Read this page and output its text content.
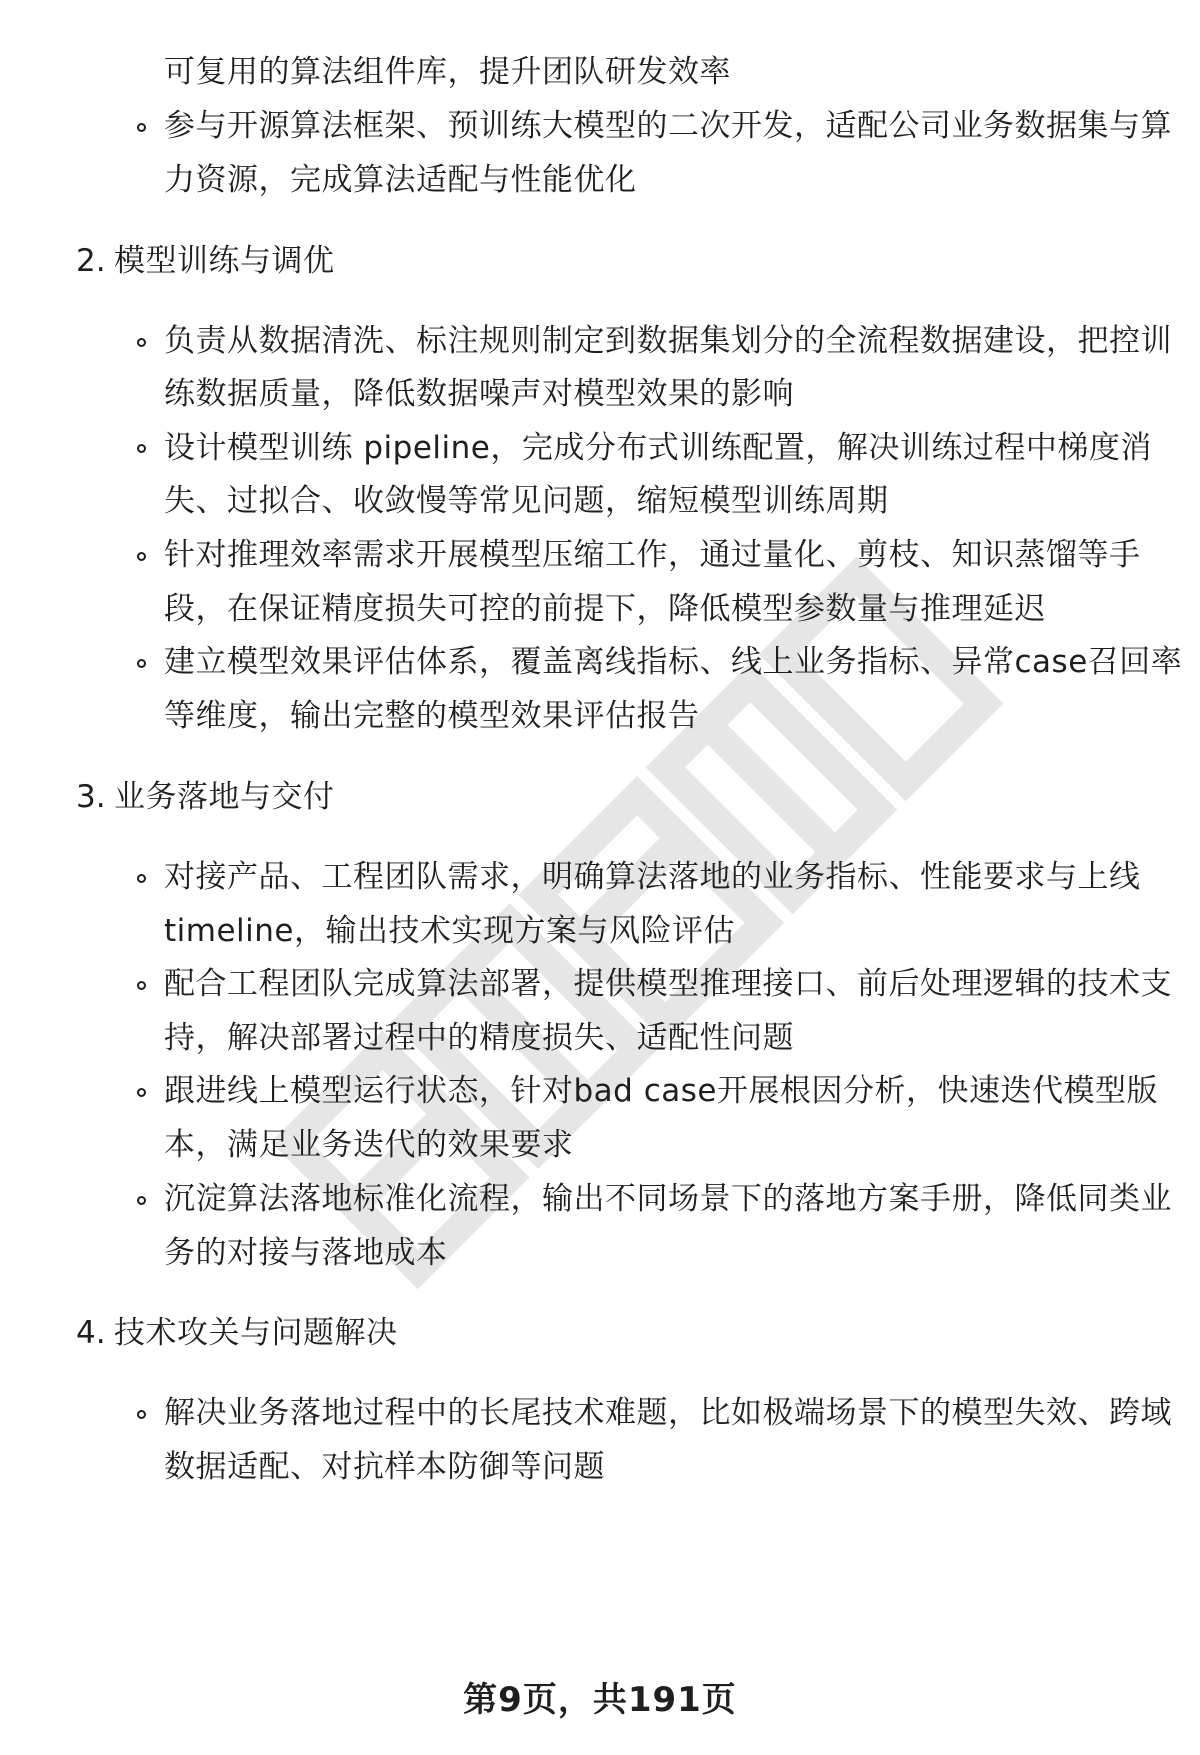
可复用的算法组件库，提升团队研发效率
参与开源算法框架、预训练大模型的二次开发，适配公司业务数据集与算
力资源，完成算法适配与性能优化
2. 模型训练与调优
负责从数据清洗、标注规则制定到数据集划分的全流程数据建设，把控训
练数据质量，降低数据噪声对模型效果的影响
设计模型训练 pipeline，完成分布式训练配置，解决训练过程中梯度消
失、过拟合、收敛慢等常见问题，缩短模型训练周期
针对推理效率需求开展模型压缩工作，通过量化、剪枝、知识蒸馏等手
段，在保证精度损失可控的前提下，降低模型参数量与推理延迟
建立模型效果评估体系，覆盖离线指标、线上业务指标、异常case召回率
等维度，输出完整的模型效果评估报告
3. 业务落地与交付
对接产品、工程团队需求，明确算法落地的业务指标、性能要求与上线
timeline，输出技术实现方案与风险评估
配合工程团队完成算法部署，提供模型推理接口、前后处理逻辑的技术支
持，解决部署过程中的精度损失、适配性问题
跟进线上模型运行状态，针对bad case开展根因分析，快速迭代模型版
本，满足业务迭代的效果要求
沉淀算法落地标准化流程，输出不同场景下的落地方案手册，降低同类业
务的对接与落地成本
4. 技术攻关与问题解决
解决业务落地过程中的长尾技术难题，比如极端场景下的模型失效、跨域
数据适配、对抗样本防御等问题
第9页，共191页
